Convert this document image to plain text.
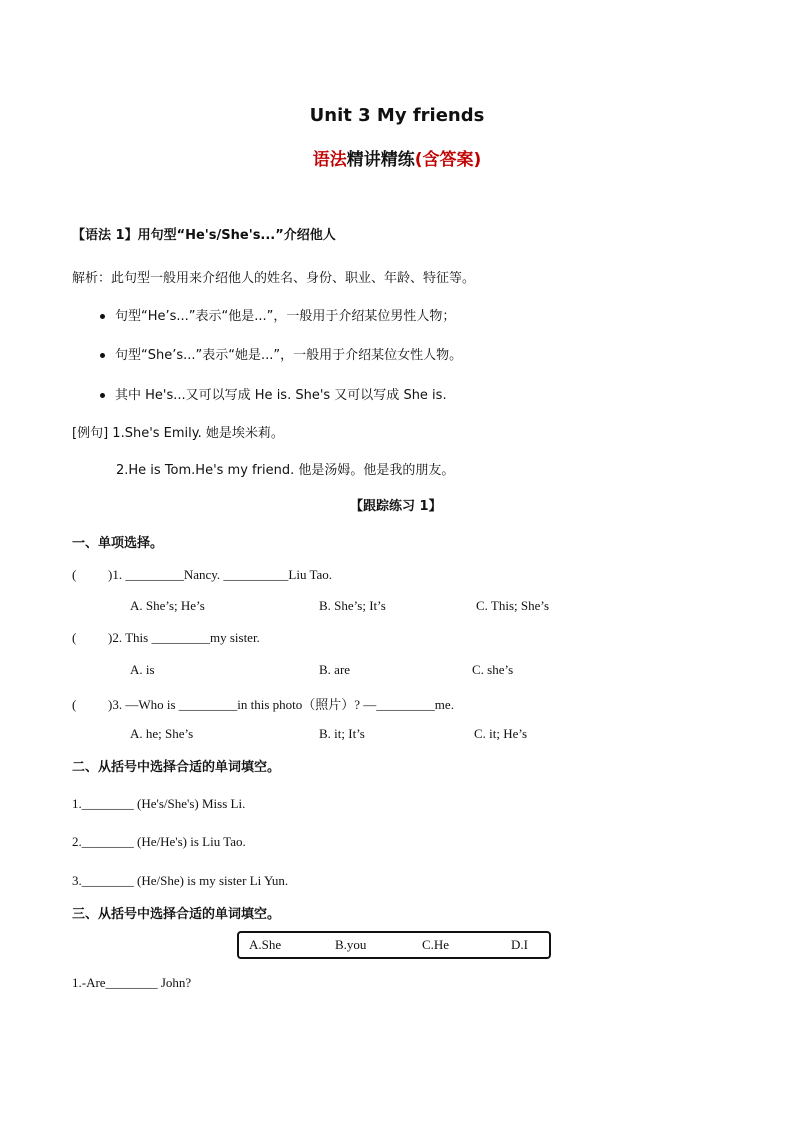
Unit 3 My friends
语法精讲精练(含答案)
【语法 1】用句型“He's/She's...”介绍他人
解析：此句型一般用来介绍他人的姓名、身份、职业、年龄、特征等。
句型“He’s...”表示“他是...”，一般用于介绍某位男性人物；
句型“She’s...”表示“她是...”，一般用于介绍某位女性人物。
其中 He's...又可以写成 He is. She's 又可以写成 She is.
[例句] 1.She's Emily. 她是埃米莉。
2.He is Tom.He's my friend. 他是汤姆。他是我的朋友。
【跟踪练习 1】
一、单项选择。
( )1. _________Nancy. __________Liu Tao.
A. She’s; He’s	B. She’s; It’s	C. This; She’s
( )2. This _________my sister.
A. is	B. are	C. she’s
( )3. —Who is _________in this photo（照片）? —_________me.
A. he; She’s	B. it; It’s	C. it; He’s
二、从括号中选择合适的单词填空。
1.________ (He's/She's) Miss Li.
2.________ (He/He's) is Liu Tao.
3.________ (He/She) is my sister Li Yun.
三、从括号中选择合适的单词填空。
A.She	B.you	C.He	D.I
1.-Are________ John?
